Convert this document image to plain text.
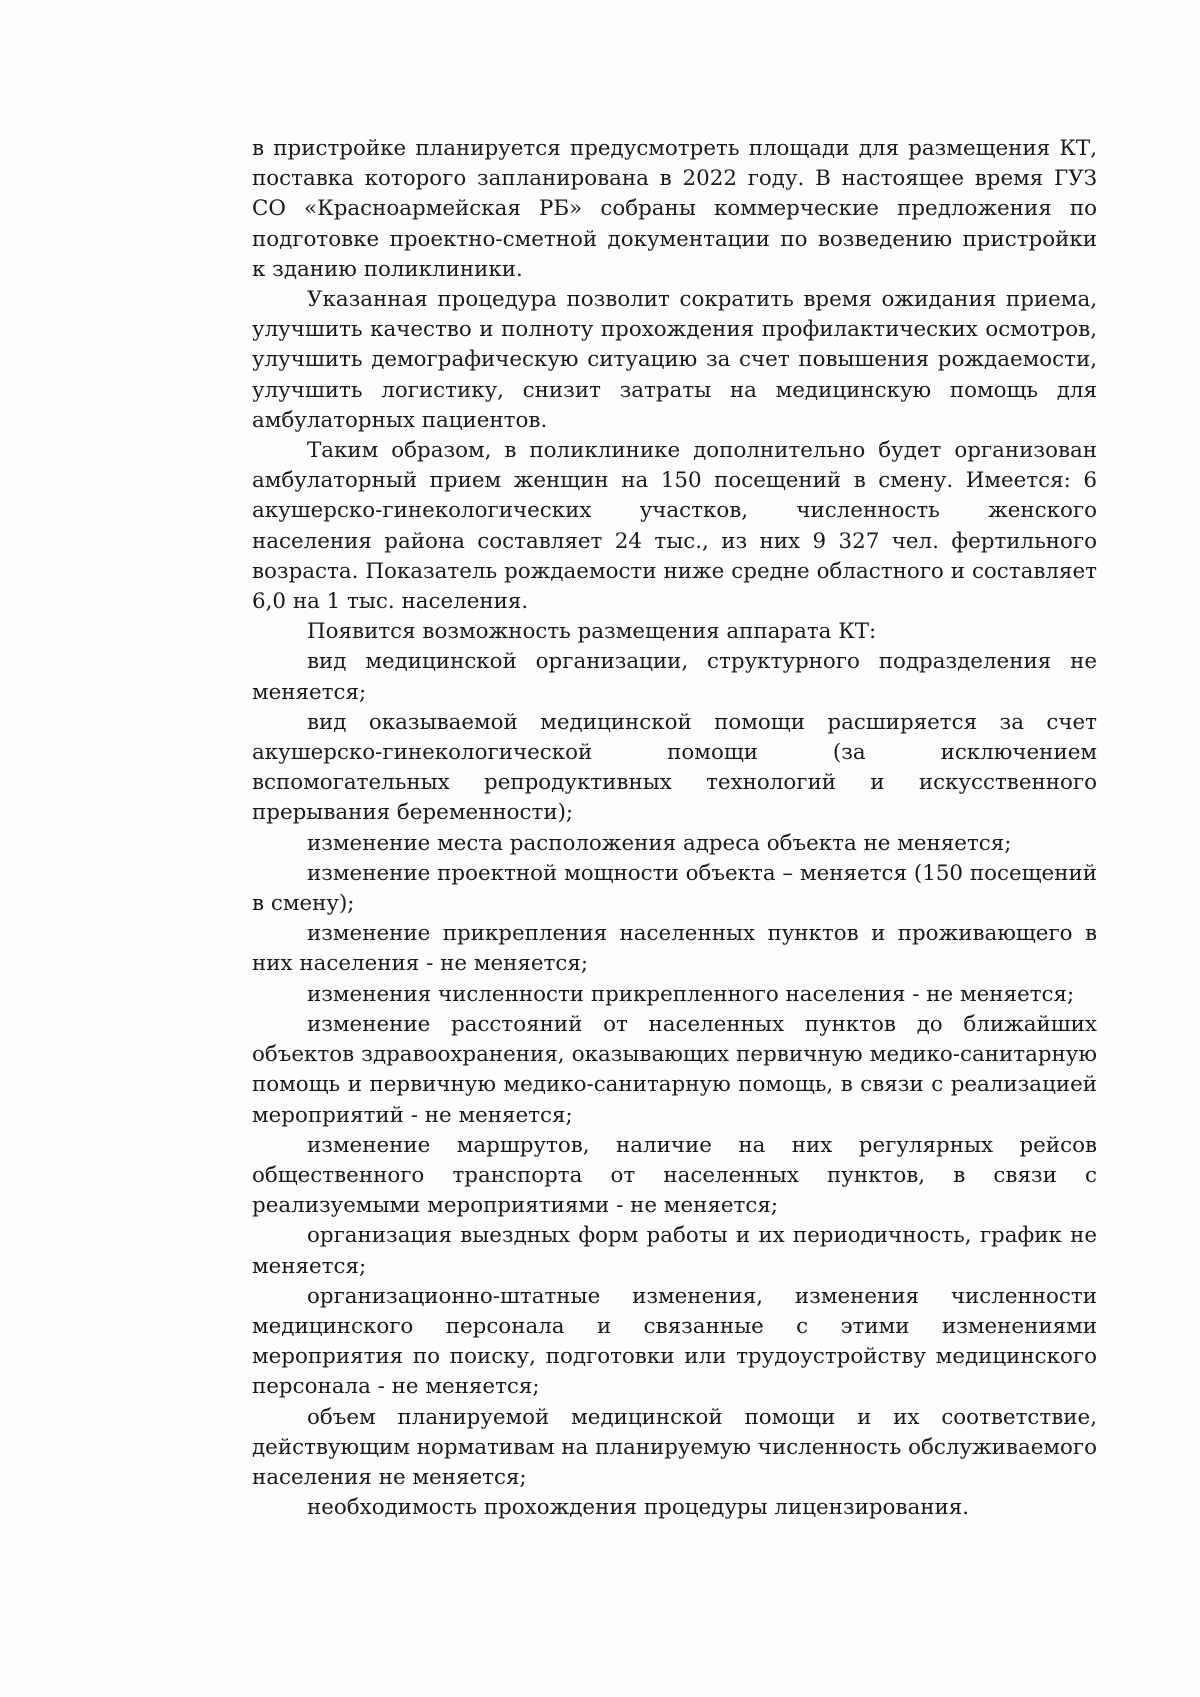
в пристройке планируется предусмотреть площади для размещения КТ, поставка которого запланирована в 2022 году. В настоящее время ГУЗ СО «Красноармейская РБ» собраны коммерческие предложения по подготовке проектно-сметной документации по возведению пристройки к зданию поликлиники.

Указанная процедура позволит сократить время ожидания приема, улучшить качество и полноту прохождения профилактических осмотров, улучшить демографическую ситуацию за счет повышения рождаемости, улучшить логистику, снизит затраты на медицинскую помощь для амбулаторных пациентов.

Таким образом, в поликлинике дополнительно будет организован амбулаторный прием женщин на 150 посещений в смену. Имеется: 6 акушерско-гинекологических участков, численность женского населения района составляет 24 тыс., из них 9 327 чел. фертильного возраста. Показатель рождаемости ниже средне областного и составляет 6,0 на 1 тыс. населения.

Появится возможность размещения аппарата КТ:

вид медицинской организации, структурного подразделения не меняется;

вид оказываемой медицинской помощи расширяется за счет акушерско-гинекологической помощи (за исключением вспомогательных репродуктивных технологий и искусственного прерывания беременности);

изменение места расположения адреса объекта не меняется;

изменение проектной мощности объекта – меняется (150 посещений в смену);

изменение прикрепления населенных пунктов и проживающего в них населения - не меняется;

изменения численности прикрепленного населения - не меняется;

изменение расстояний от населенных пунктов до ближайших объектов здравоохранения, оказывающих первичную медико-санитарную помощь и первичную медико-санитарную помощь, в связи с реализацией мероприятий - не меняется;

изменение маршрутов, наличие на них регулярных рейсов общественного транспорта от населенных пунктов, в связи с реализуемыми мероприятиями - не меняется;

организация выездных форм работы и их периодичность, график не меняется;

организационно-штатные изменения, изменения численности медицинского персонала и связанные с этими изменениями мероприятия по поиску, подготовки или трудоустройству медицинского персонала - не меняется;

объем планируемой медицинской помощи и их соответствие, действующим нормативам на планируемую численность обслуживаемого населения не меняется;

необходимость прохождения процедуры лицензирования.
